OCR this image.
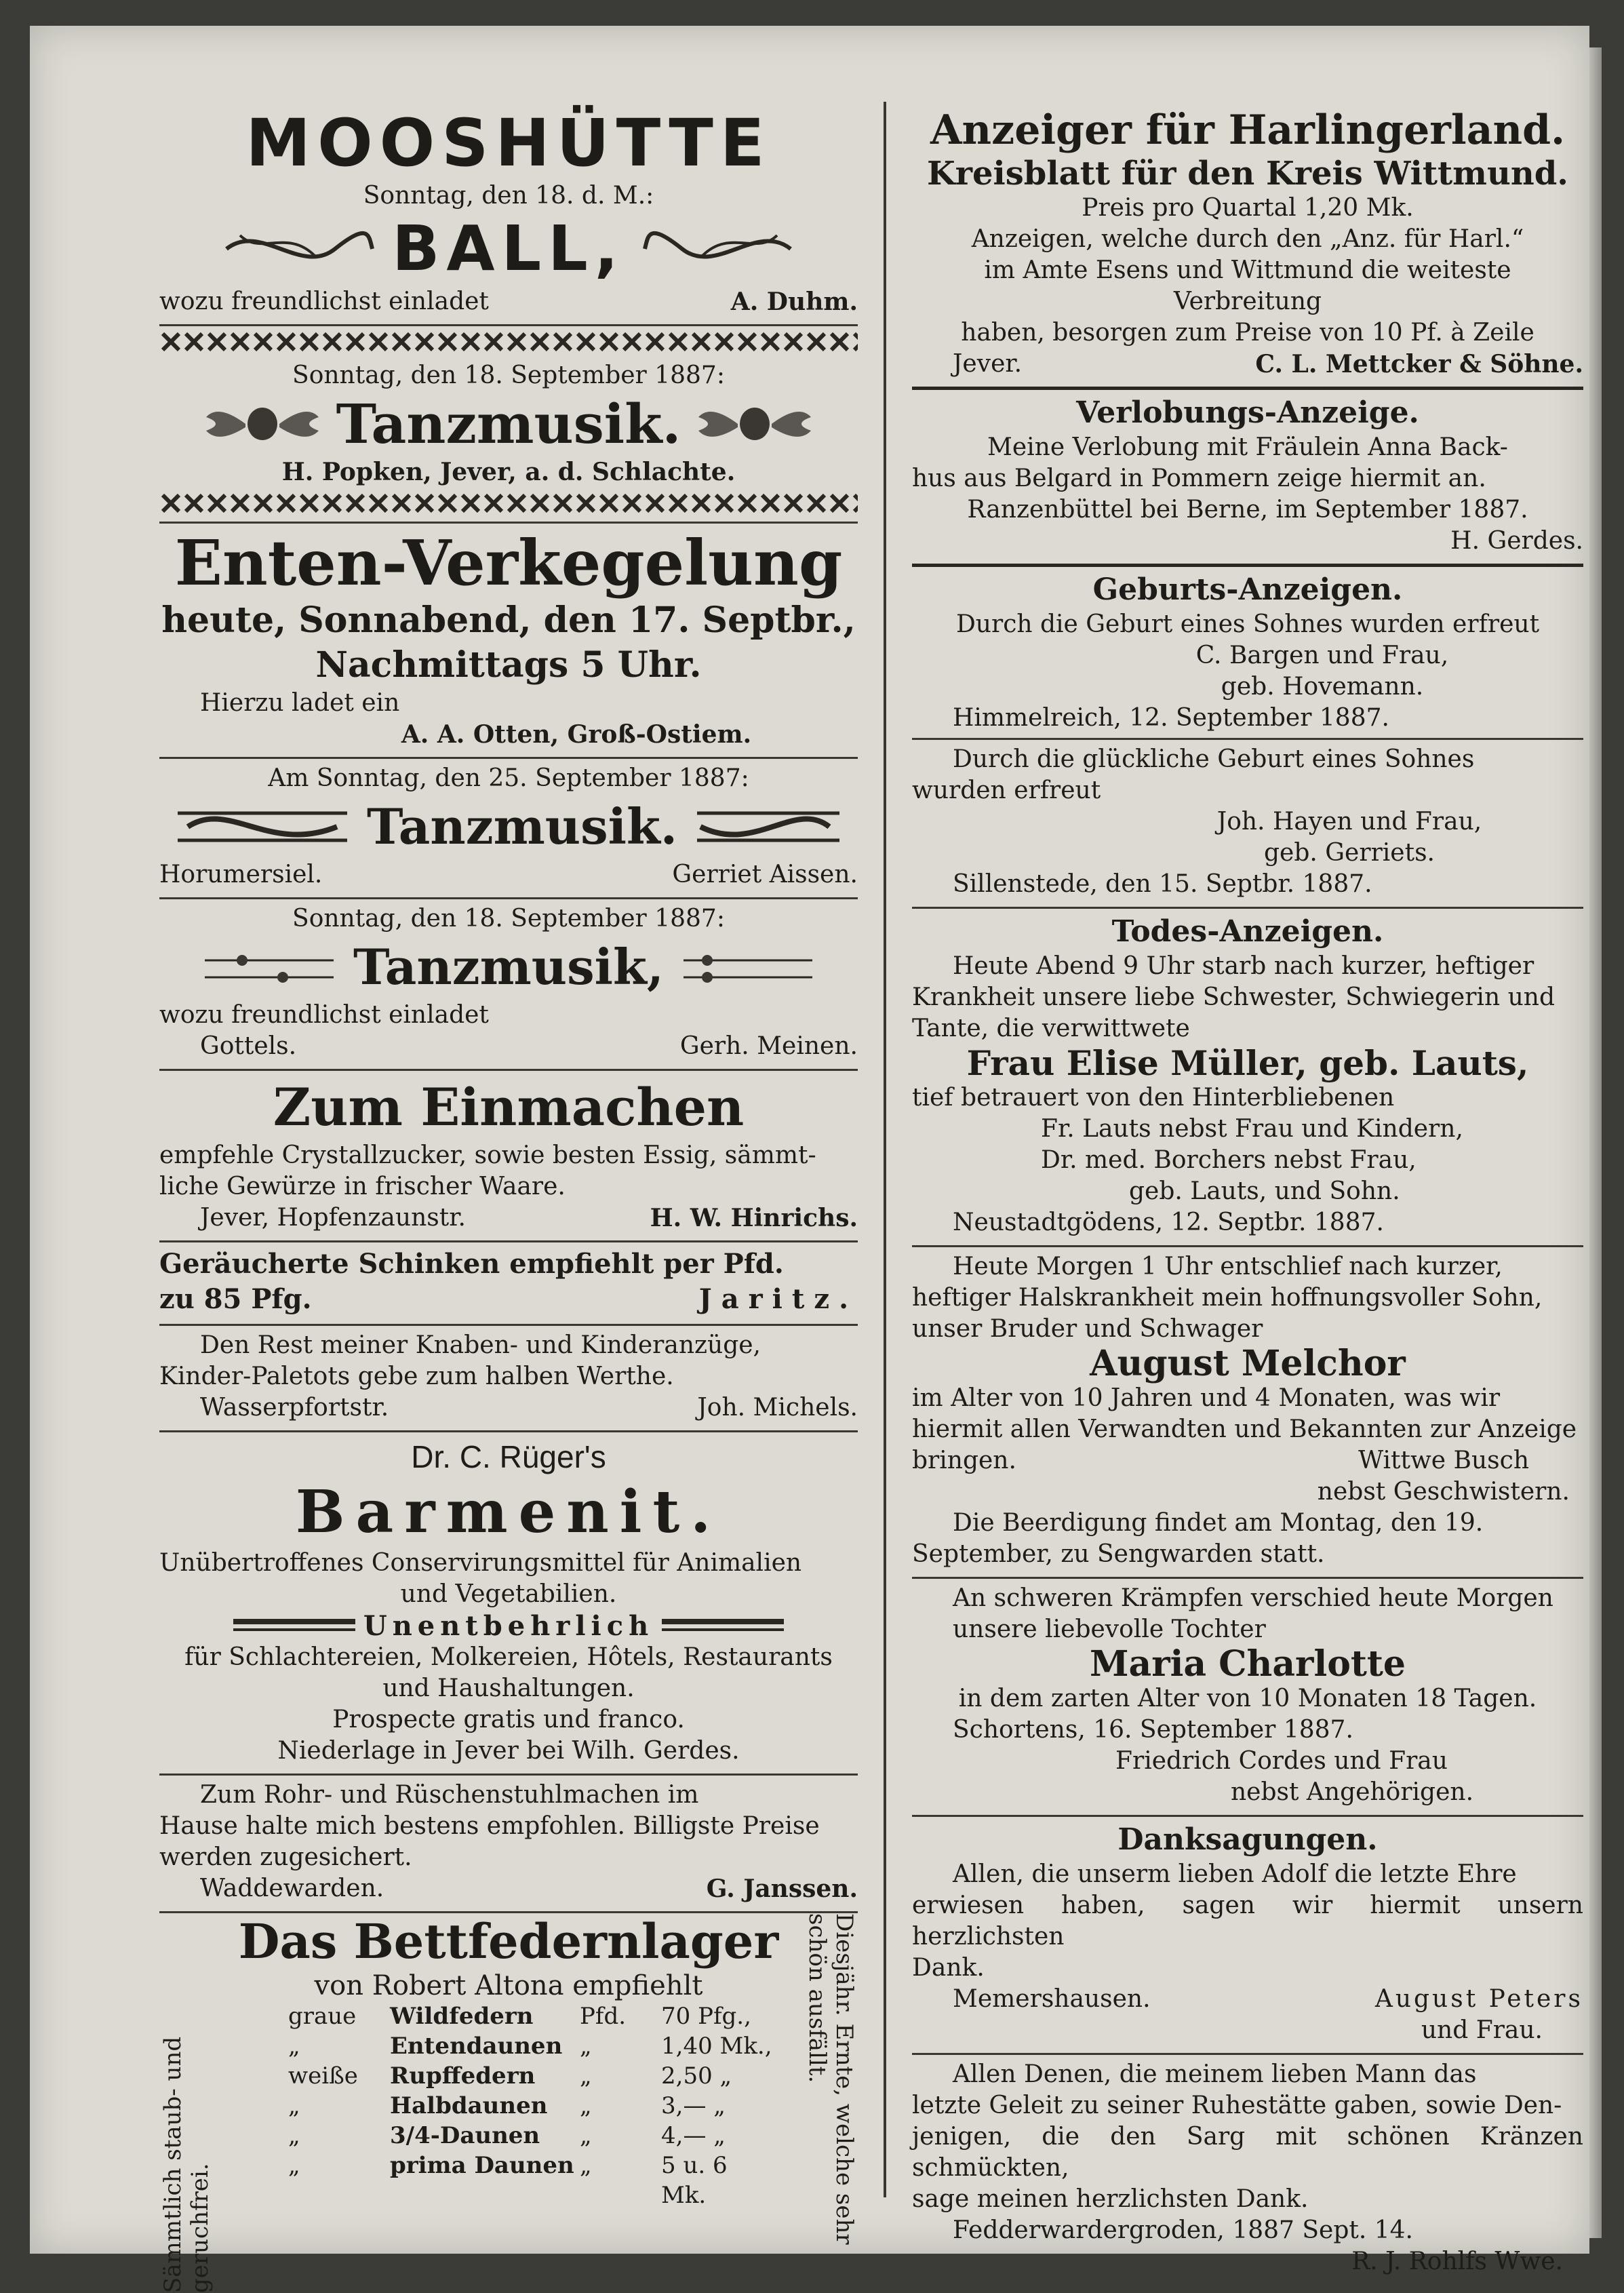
MOOSHÜTTE
Sonntag, den 18. d. M.:
BALL,
wozu freundlichst einladet	A. Duhm.
Sonntag, den 18. September 1887:
Tanzmusik.
H. Popken, Jever, a. d. Schlachte.
Enten-Verkegelung
heute, Sonnabend, den 17. Septbr.,
Nachmittags 5 Uhr.
Hierzu ladet ein
A. A. Otten, Groß-Ostiem.
Am Sonntag, den 25. September 1887:
Tanzmusik.
Horumersiel.	Gerriet Aissen.
Sonntag, den 18. September 1887:
Tanzmusik,
wozu freundlichst einladet
Gottels.	Gerh. Meinen.
Zum Einmachen
empfehle Crystallzucker, sowie besten Essig, sämmt-
liche Gewürze in frischer Waare.
Jever, Hopfenzaunstr.	H. W. Hinrichs.
Geräucherte Schinken empfiehlt per Pfd.
zu 85 Pfg.	Jaritz.
Den Rest meiner Knaben- und Kinderanzüge,
Kinder-Paletots gebe zum halben Werthe.
Wasserpfortstr.	Joh. Michels.
Dr. C. Rüger's
Barmenit.
Unübertroffenes Conservirungsmittel für Animalien
und Vegetabilien.
Unentbehrlich
für Schlachtereien, Molkereien, Hôtels, Restaurants
und Haushaltungen.
Prospecte gratis und franco.
Niederlage in Jever bei Wilh. Gerdes.
Zum Rohr- und Rüschenstuhlmachen im
Hause halte mich bestens empfohlen. Billigste Preise
werden zugesichert.
Waddewarden.	G. Janssen.
Sämmtlich staub- und geruchfrei.	Diesjähr. Ernte, welche sehr schön ausfällt.
Das Bettfedernlager
von Robert Altona empfiehlt
graue	Wildfedern	Pfd.	70 Pfg.,
„	Entendaunen „	1,40 Mk.,
weiße	Rupffedern	„	2,50 „
„	Halbdaunen	„	3,— „
„	3/4-Daunen	„	4,— „
„	prima Daunen „	5 u. 6 Mk.
Anzeiger für Harlingerland.
Kreisblatt für den Kreis Wittmund.
Preis pro Quartal 1,20 Mk.
Anzeigen, welche durch den „Anz. für Harl.“
im Amte Esens und Wittmund die weiteste Verbreitung
haben, besorgen zum Preise von 10 Pf. à Zeile
Jever.	C. L. Mettcker & Söhne.
Verlobungs-Anzeige.
Meine Verlobung mit Fräulein Anna Back-
hus aus Belgard in Pommern zeige hiermit an.
Ranzenbüttel bei Berne, im September 1887.
H. Gerdes.
Geburts-Anzeigen.
Durch die Geburt eines Sohnes wurden erfreut
C. Bargen und Frau,
geb. Hovemann.
Himmelreich, 12. September 1887.
Durch die glückliche Geburt eines Sohnes
wurden erfreut
Joh. Hayen und Frau,
geb. Gerriets.
Sillenstede, den 15. Septbr. 1887.
Todes-Anzeigen.
Heute Abend 9 Uhr starb nach kurzer, heftiger
Krankheit unsere liebe Schwester, Schwiegerin und
Tante, die verwittwete
Frau Elise Müller, geb. Lauts,
tief betrauert von den Hinterbliebenen
Fr. Lauts nebst Frau und Kindern,
Dr. med. Borchers nebst Frau,
geb. Lauts, und Sohn.
Neustadtgödens, 12. Septbr. 1887.
Heute Morgen 1 Uhr entschlief nach kurzer,
heftiger Halskrankheit mein hoffnungsvoller Sohn,
unser Bruder und Schwager
August Melchor
im Alter von 10 Jahren und 4 Monaten, was wir
hiermit allen Verwandten und Bekannten zur Anzeige
bringen.	Wittwe Busch
nebst Geschwistern.
Die Beerdigung findet am Montag, den 19.
September, zu Sengwarden statt.
An schweren Krämpfen verschied heute Morgen
unsere liebevolle Tochter
Maria Charlotte
in dem zarten Alter von 10 Monaten 18 Tagen.
Schortens, 16. September 1887.
Friedrich Cordes und Frau
nebst Angehörigen.
Danksagungen.
Allen, die unserm lieben Adolf die letzte Ehre
erwiesen haben, sagen wir hiermit unsern herzlichsten
Dank.
Memershausen.	August Peters
und Frau.
Allen Denen, die meinem lieben Mann das
letzte Geleit zu seiner Ruhestätte gaben, sowie Den-
jenigen, die den Sarg mit schönen Kränzen schmückten,
sage meinen herzlichsten Dank.
Fedderwardergroden, 1887 Sept. 14.
R. J. Rohlfs Wwe.
